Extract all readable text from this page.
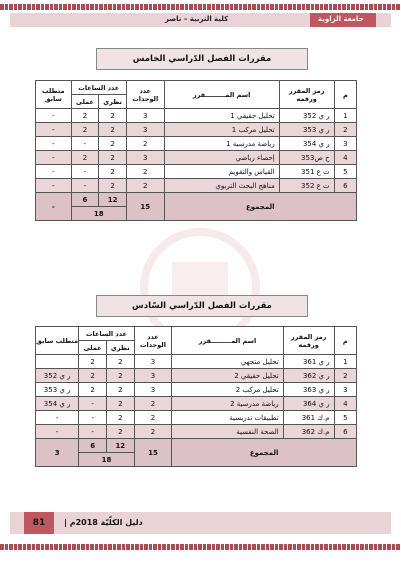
جامعة الزاوية
كلية التربية – ناصر
مقررات الفصل الدّراسي الخامس
م	رمز المقرر ورقمه	اسم المـــــــــقرر	عدد الوحدات	عدد الساعات		متطلب سابق
				نظري	عملى	
1	ر ي 352	تحليل حقيقي 1	3	2	2	-
2	ر ي 353	تحليل مركب 1	3	2	2	-
3	ر ي 354	رياضة مدرسية 1	2	2	-	-
4	ح ص353	إحصاء رياضي	3	2	2	-
5	ت ع 351	القياس والتقويم	2	2	-	-
6	ت ع 352	مناهج البحث التربوي	2	2	-	-
المجموع			15	12	6	-
				18		
مقررات الفصل الدّراسي السّادس
م	رمز المقرر ورقمه	اسم المـــــــــقرر	عدد الوحدات	عدد الساعات		متطلب سابق
				نظري	عملى	
1	ر ي 361	تحليل متجهي	3	2	2	
2	ر ي 362	تحليل حقيقي 2	3	2	2	ر ي 352
3	ر ي 363	تحليل مركب 2	3	2	2	ر ي 353
4	ر ي 364	رياضة مدرسية 2	2	2	-	ر ي 354
5	م.ك 361	تطبيقات تدريسية	2	2	-	-
6	م.ك 362	الصحة النفسية	2	2	-	-
المجموع			15	12	6	3
				18		
81	دليل الكلّيّة 2018م |
